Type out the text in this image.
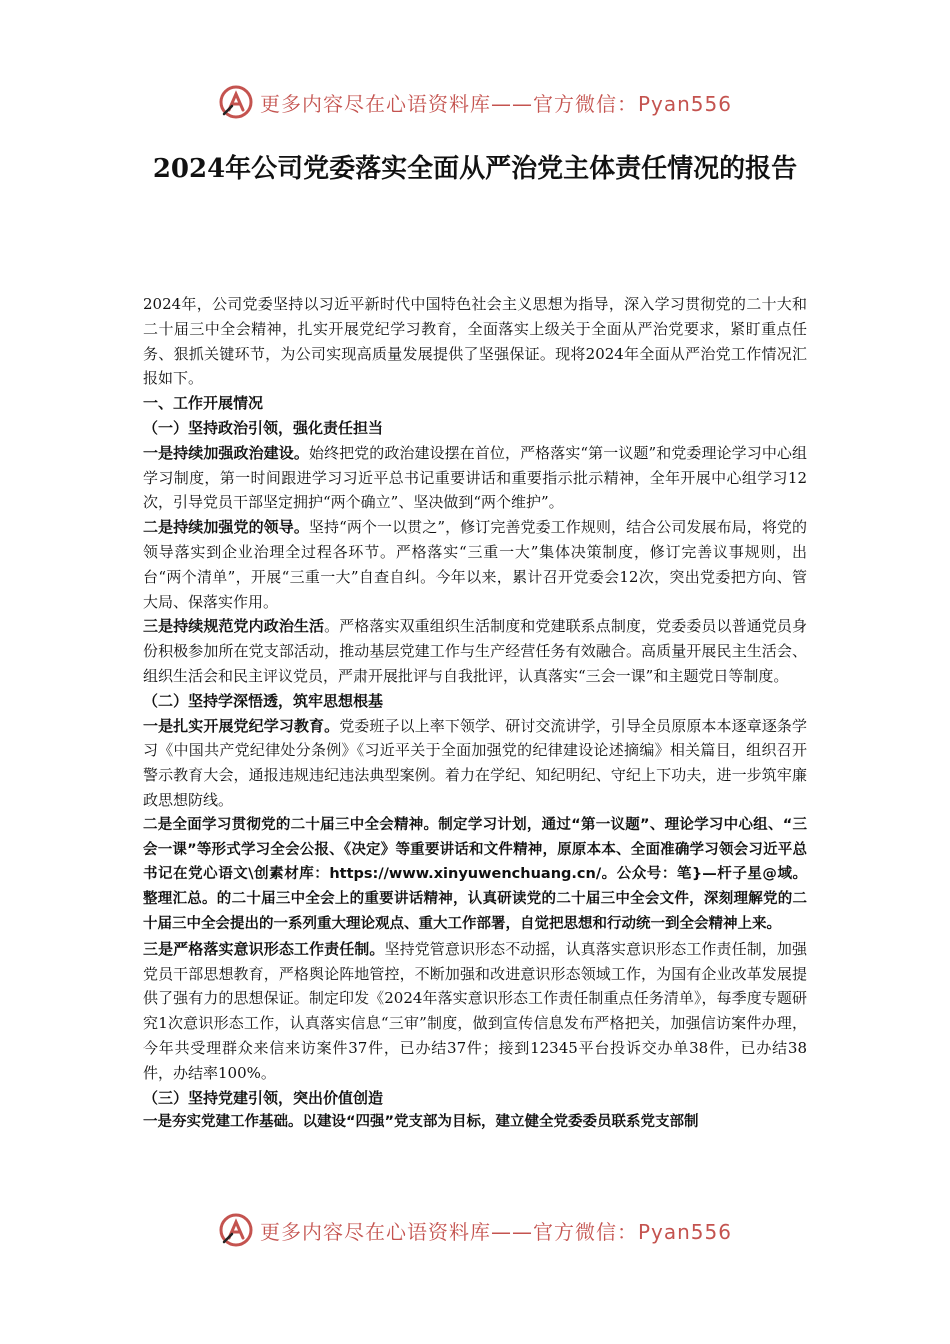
更多内容尽在心语资料库——官方微信：Pyan556
2024年公司党委落实全面从严治党主体责任情况的报告

2024年，公司党委坚持以习近平新时代中国特色社会主义思想为指导，深入学习贯彻党的二十大和二十届三中全会精神，扎实开展党纪学习教育，全面落实上级关于全面从严治党要求，紧盯重点任务、狠抓关键环节，为公司实现高质量发展提供了坚强保证。现将2024年全面从严治党工作情况汇报如下。

一、工作开展情况

（一）坚持政治引领，强化责任担当

一是持续加强政治建设。始终把党的政治建设摆在首位，严格落实“第一议题”和党委理论学习中心组学习制度，第一时间跟进学习习近平总书记重要讲话和重要指示批示精神，全年开展中心组学习12次，引导党员干部坚定拥护“两个确立”、坚决做到“两个维护”。

二是持续加强党的领导。坚持“两个一以贯之”，修订完善党委工作规则，结合公司发展布局，将党的领导落实到企业治理全过程各环节。严格落实“三重一大”集体决策制度，修订完善议事规则，出台“两个清单”，开展“三重一大”自查自纠。今年以来，累计召开党委会12次，突出党委把方向、管大局、保落实作用。

三是持续规范党内政治生活。严格落实双重组织生活制度和党建联系点制度，党委委员以普通党员身份积极参加所在党支部活动，推动基层党建工作与生产经营任务有效融合。高质量开展民主生活会、组织生活会和民主评议党员，严肃开展批评与自我批评，认真落实“三会一课”和主题党日等制度。

（二）坚持学深悟透，筑牢思想根基

一是扎实开展党纪学习教育。党委班子以上率下领学、研讨交流讲学，引导全员原原本本逐章逐条学习《中国共产党纪律处分条例》《习近平关于全面加强党的纪律建设论述摘编》相关篇目，组织召开警示教育大会，通报违规违纪违法典型案例。着力在学纪、知纪明纪、守纪上下功夫，进一步筑牢廉政思想防线。

二是全面学习贯彻党的二十届三中全会精神。制定学习计划，通过“第一议题”、理论学习中心组、“三会一课”等形式学习全会公报、《决定》等重要讲话和文件精神，原原本本、全面准确学习领会习近平总书记在党心语文\创素材库：https://www.xinyuwenchuang.cn/。公众号：笔}—杆子星@域。整理汇总。的二十届三中全会上的重要讲话精神，认真研读党的二十届三中全会文件，深刻理解党的二十届三中全会提出的一系列重大理论观点、重大工作部署，自觉把思想和行动统一到全会精神上来。

三是严格落实意识形态工作责任制。坚持党管意识形态不动摇，认真落实意识形态工作责任制，加强党员干部思想教育，严格舆论阵地管控，不断加强和改进意识形态领域工作，为国有企业改革发展提供了强有力的思想保证。制定印发《2024年落实意识形态工作责任制重点任务清单》，每季度专题研究1次意识形态工作，认真落实信息“三审”制度，做到宣传信息发布严格把关，加强信访案件办理，今年共受理群众来信来访案件37件，已办结37件；接到12345平台投诉交办单38件，已办结38件，办结率100%。

（三）坚持党建引领，突出价值创造

一是夯实党建工作基础。以建设“四强”党支部为目标，建立健全党委委员联系党支部制

更多内容尽在心语资料库——官方微信：Pyan556
